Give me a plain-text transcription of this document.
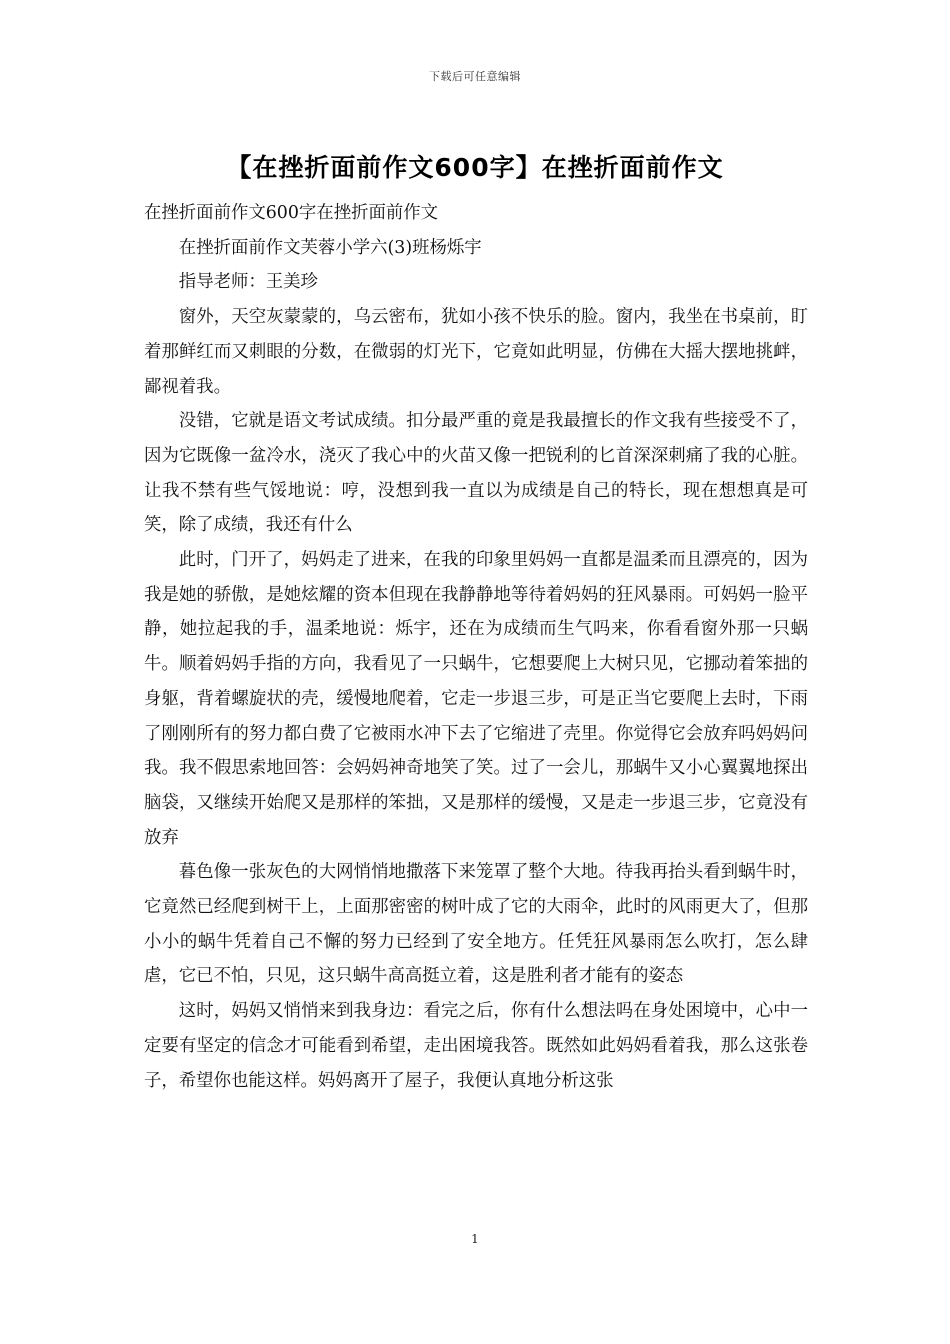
下载后可任意编辑
【在挫折面前作文600字】在挫折面前作文

在挫折面前作文600字在挫折面前作文

在挫折面前作文芙蓉小学六(3)班杨烁宇

指导老师：王美珍

窗外，天空灰蒙蒙的，乌云密布，犹如小孩不快乐的脸。窗内，我坐在书桌前，盯着那鲜红而又刺眼的分数，在微弱的灯光下，它竟如此明显，仿佛在大摇大摆地挑衅，鄙视着我。

没错，它就是语文考试成绩。扣分最严重的竟是我最擅长的作文我有些接受不了，因为它既像一盆冷水，浇灭了我心中的火苗又像一把锐利的匕首深深刺痛了我的心脏。让我不禁有些气馁地说：哼，没想到我一直以为成绩是自己的特长，现在想想真是可笑，除了成绩，我还有什么

此时，门开了，妈妈走了进来，在我的印象里妈妈一直都是温柔而且漂亮的，因为我是她的骄傲，是她炫耀的资本但现在我静静地等待着妈妈的狂风暴雨。可妈妈一脸平静，她拉起我的手，温柔地说：烁宇，还在为成绩而生气吗来，你看看窗外那一只蜗牛。顺着妈妈手指的方向，我看见了一只蜗牛，它想要爬上大树只见，它挪动着笨拙的身躯，背着螺旋状的壳，缓慢地爬着，它走一步退三步，可是正当它要爬上去时，下雨了刚刚所有的努力都白费了它被雨水冲下去了它缩进了壳里。你觉得它会放弃吗妈妈问我。我不假思索地回答：会妈妈神奇地笑了笑。过了一会儿，那蜗牛又小心翼翼地探出脑袋，又继续开始爬又是那样的笨拙，又是那样的缓慢，又是走一步退三步，它竟没有放弃

暮色像一张灰色的大网悄悄地撒落下来笼罩了整个大地。待我再抬头看到蜗牛时，它竟然已经爬到树干上，上面那密密的树叶成了它的大雨伞，此时的风雨更大了，但那小小的蜗牛凭着自己不懈的努力已经到了安全地方。任凭狂风暴雨怎么吹打，怎么肆虐，它已不怕，只见，这只蜗牛高高挺立着，这是胜利者才能有的姿态

这时，妈妈又悄悄来到我身边：看完之后，你有什么想法吗在身处困境中，心中一定要有坚定的信念才可能看到希望，走出困境我答。既然如此妈妈看着我，那么这张卷子，希望你也能这样。妈妈离开了屋子，我便认真地分析这张

1
